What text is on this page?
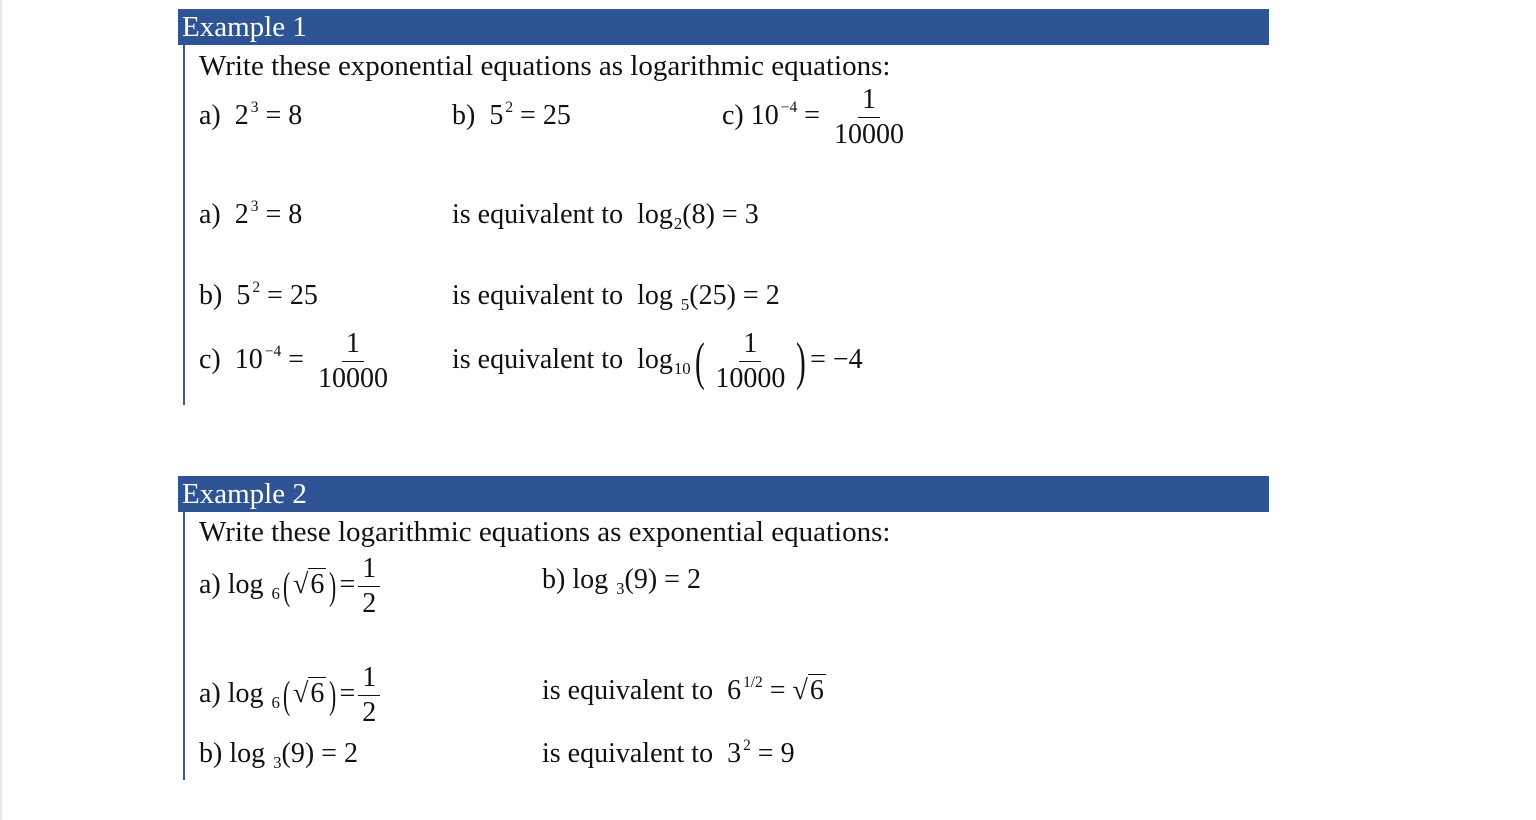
Example 1
Write these exponential equations as logarithmic equations:
a) 2 $^3$ = 8	b) 5 $^2$ = 25	c) 10 $^{-4} = \frac{1}{10000}$
a) 2 $^3$ = 8	is equivalent to $\log_2(8) = 3$
b) 5 $^2$ = 25	is equivalent to log $_5$(25) = 2
c) 10 $^{-4} = \frac{1}{10000}$ is equivalent to $\log_{10}( \frac{1}{10000}$ ) = −4
Example 2
Write these logarithmic equations as exponential equations:
a) log $_6$( √6 ) = $\frac{1}{2}$	b) log $_3$(9) = 2
a) log $_6$( √6 ) = $\frac{1}{2}$	is equivalent to 6 $^{1/2}$ = √6
b) log $_3$(9) = 2	is equivalent to 3 $^2$ = 9
